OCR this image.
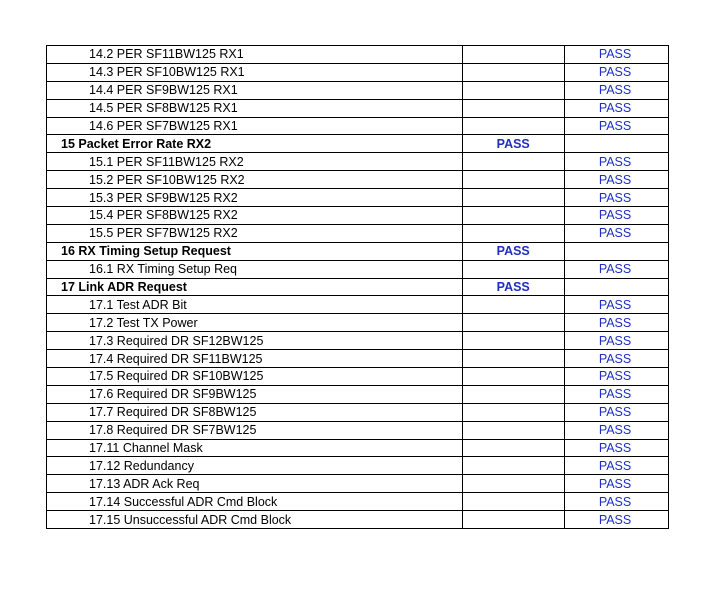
14.2 PER SF11BW125 RX1		PASS
14.3 PER SF10BW125 RX1		PASS
14.4 PER SF9BW125 RX1		PASS
14.5 PER SF8BW125 RX1		PASS
14.6 PER SF7BW125 RX1		PASS
15 Packet Error Rate RX2	PASS	
15.1 PER SF11BW125 RX2		PASS
15.2 PER SF10BW125 RX2		PASS
15.3 PER SF9BW125 RX2		PASS
15.4 PER SF8BW125 RX2		PASS
15.5 PER SF7BW125 RX2		PASS
16 RX Timing Setup Request	PASS	
16.1 RX Timing Setup Req		PASS
17 Link ADR Request	PASS	
17.1 Test ADR Bit		PASS
17.2 Test TX Power		PASS
17.3 Required DR SF12BW125		PASS
17.4 Required DR SF11BW125		PASS
17.5 Required DR SF10BW125		PASS
17.6 Required DR SF9BW125		PASS
17.7 Required DR SF8BW125		PASS
17.8 Required DR SF7BW125		PASS
17.11 Channel Mask		PASS
17.12 Redundancy		PASS
17.13 ADR Ack Req		PASS
17.14 Successful ADR Cmd Block		PASS
17.15 Unsuccessful ADR Cmd Block		PASS
